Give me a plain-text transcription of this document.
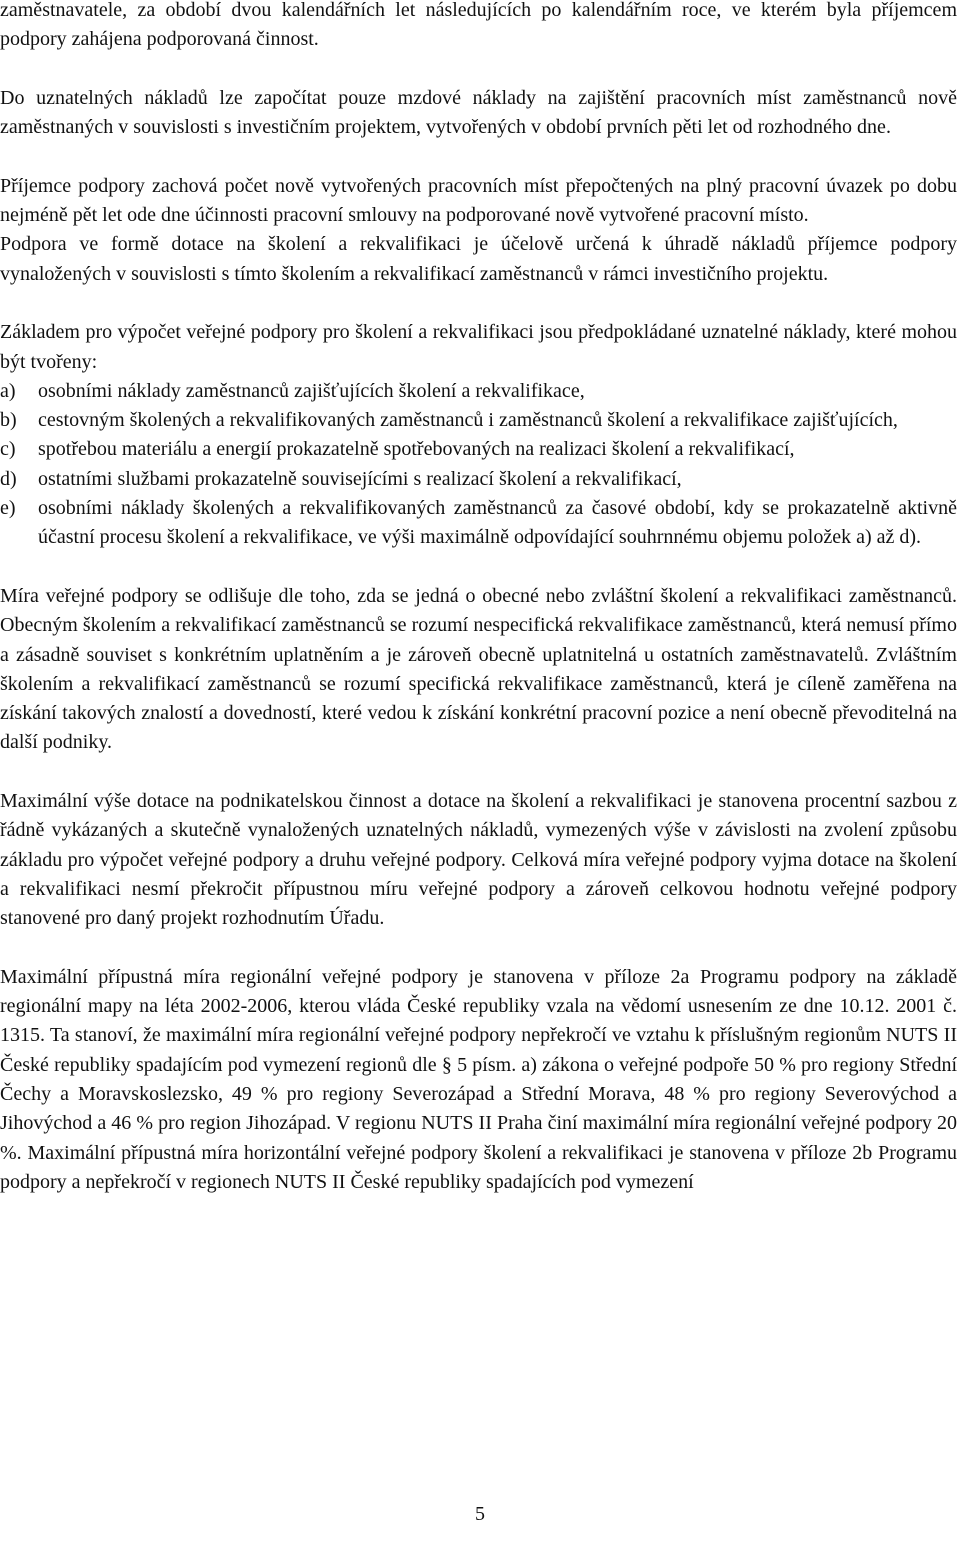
zaměstnavatele, za období dvou kalendářních let následujících po kalendářním roce, ve kterém byla příjemcem podpory zahájena podporovaná činnost.

Do uznatelných nákladů lze započítat pouze mzdové náklady na zajištění pracovních míst zaměstnanců nově zaměstnaných v souvislosti s investičním projektem, vytvořených v období prvních pěti let od rozhodného dne.

Příjemce podpory zachová počet nově vytvořených pracovních míst přepočtených na plný pracovní úvazek po dobu nejméně pět let ode dne účinnosti pracovní smlouvy na podporované nově vytvořené pracovní místo.

Podpora ve formě dotace na školení a rekvalifikaci je účelově určená k úhradě nákladů příjemce podpory vynaložených v souvislosti s tímto školením a rekvalifikací zaměstnanců v rámci investičního projektu.

Základem pro výpočet veřejné podpory pro školení a rekvalifikaci jsou předpokládané uznatelné náklady, které mohou být tvořeny:

a) osobními náklady zaměstnanců zajišťujících školení a rekvalifikace,
b) cestovným školených a rekvalifikovaných zaměstnanců i zaměstnanců školení a rekvalifikace zajišťujících,
c) spotřebou materiálu a energií prokazatelně spotřebovaných na realizaci školení a rekvalifikací,
d) ostatními službami prokazatelně souvisejícími s realizací školení a rekvalifikací,
e) osobními náklady školených a rekvalifikovaných zaměstnanců za časové období, kdy se prokazatelně aktivně účastní procesu školení a rekvalifikace, ve výši maximálně odpovídající souhrnnému objemu položek a) až d).

Míra veřejné podpory se odlišuje dle toho, zda se jedná o obecné nebo zvláštní školení a rekvalifikaci zaměstnanců. Obecným školením a rekvalifikací zaměstnanců se rozumí nespecifická rekvalifikace zaměstnanců, která nemusí přímo a zásadně souviset s konkrétním uplatněním a je zároveň obecně uplatnitelná u ostatních zaměstnavatelů. Zvláštním školením a rekvalifikací zaměstnanců se rozumí specifická rekvalifikace zaměstnanců, která je cíleně zaměřena na získání takových znalostí a dovedností, které vedou k získání konkrétní pracovní pozice a není obecně převoditelná na další podniky.

Maximální výše dotace na podnikatelskou činnost a dotace na školení a rekvalifikaci je stanovena procentní sazbou z řádně vykázaných a skutečně vynaložených uznatelných nákladů, vymezených výše v závislosti na zvolení způsobu základu pro výpočet veřejné podpory a druhu veřejné podpory. Celková míra veřejné podpory vyjma dotace na školení a rekvalifikaci nesmí překročit přípustnou míru veřejné podpory a zároveň celkovou hodnotu veřejné podpory stanovené pro daný projekt rozhodnutím Úřadu.

Maximální přípustná míra regionální veřejné podpory je stanovena v příloze 2a Programu podpory na základě regionální mapy na léta 2002-2006, kterou vláda České republiky vzala na vědomí usnesením ze dne 10.12. 2001 č. 1315. Ta stanoví, že maximální míra regionální veřejné podpory nepřekročí ve vztahu k příslušným regionům NUTS II České republiky spadajícím pod vymezení regionů dle § 5 písm. a) zákona o veřejné podpoře 50 % pro regiony Střední Čechy a Moravskoslezsko, 49 % pro regiony Severozápad a Střední Morava, 48 % pro regiony Severovýchod a Jihovýchod a 46 % pro region Jihozápad. V regionu NUTS II Praha činí maximální míra regionální veřejné podpory 20 %. Maximální přípustná míra horizontální veřejné podpory školení a rekvalifikaci je stanovena v příloze 2b Programu podpory a nepřekročí v regionech NUTS II České republiky spadajících pod vymezení

5
